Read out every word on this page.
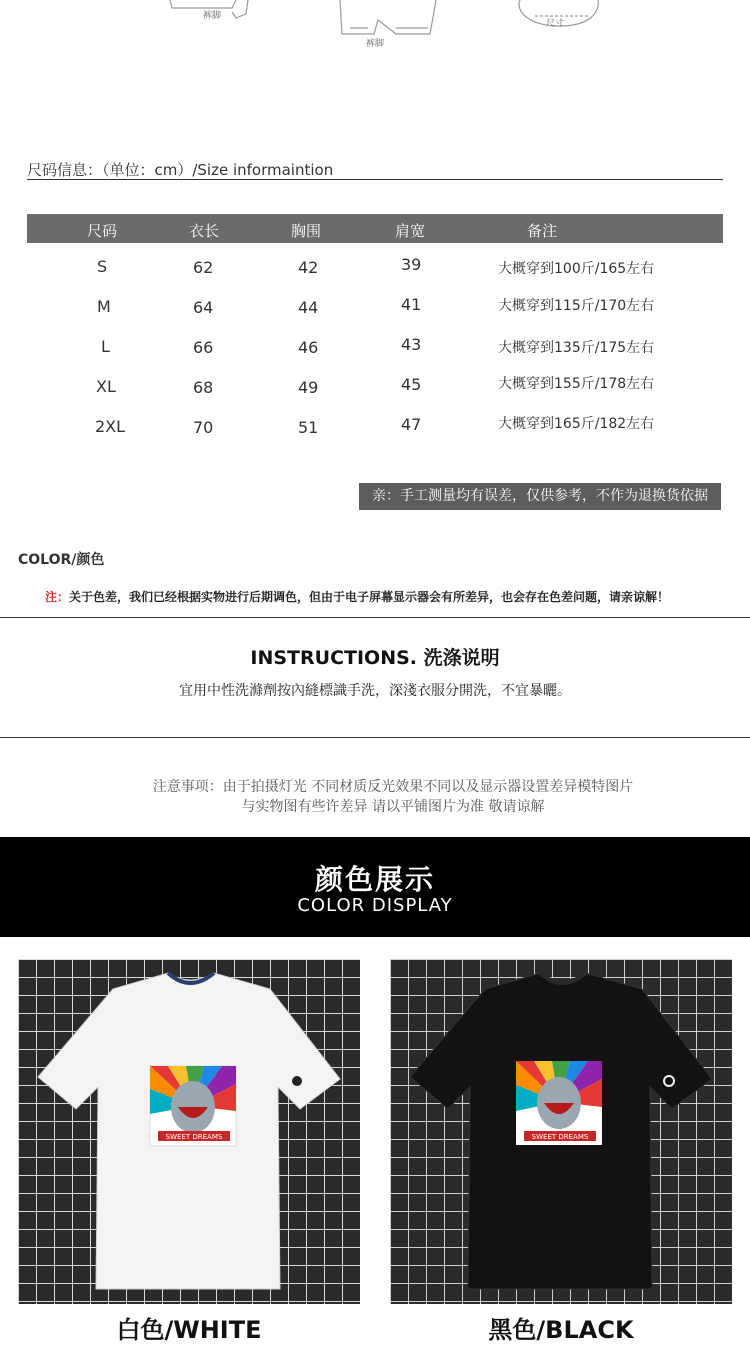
裤脚
裤脚
尺寸
尺码信息：（单位：cm）/Size informaintion
尺码	衣长	胸围	肩宽	备注
S	62	42	39	大概穿到100斤/165左右
M	64	44	41	大概穿到115斤/170左右
L	66	46	43	大概穿到135斤/175左右
XL	68	49	45	大概穿到155斤/178左右
2XL	70	51	47	大概穿到165斤/182左右
亲：手工测量均有误差，仅供参考，不作为退换货依据
COLOR/颜色
注：关于色差，我们已经根据实物进行后期调色，但由于电子屏幕显示器会有所差异，也会存在色差问题，请亲谅解！
INSTRUCTIONS. 洗涤说明
宜用中性洗滌劑按內縫標識手洗，深淺衣服分開洗，不宜暴曬。
注意事项：由于拍摄灯光 不同材质反光效果不同以及显示器设置差异模特图片
与实物图有些许差异 请以平铺图片为准 敬请谅解
颜色展示
COLOR DISPLAY
SWEET DREAMS	SWEET DREAMS
白色/WHITE	黑色/BLACK
